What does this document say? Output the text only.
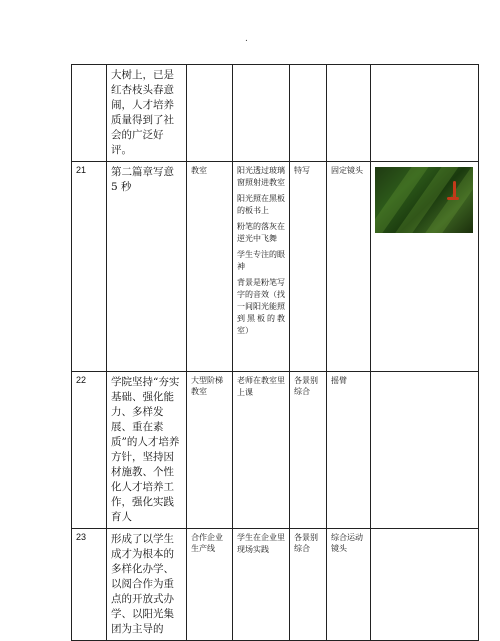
.
	大树上，已是红杏枝头春意闹，人才培养质量得到了社会的广泛好评。					
21	第二篇章写意 5 秒	教室	阳光透过玻璃窗照射进教室

阳光照在黑板的板书上

粉笔的落灰在逆光中飞舞

学生专注的眼神

背景是粉笔写字的音效（找一间阳光能照到黑板的教室）	特写	固定镜头	

22	学院坚持“夯实基础、强化能力、多样发展、重在素质”的人才培养方针，坚持因材施教、个性化人才培养工作，强化实践育人	大型阶梯教室	老师在教室里上课	各景别综合	摇臂	
23	形成了以学生成才为根本的多样化办学、以阅合作为重点的开放式办学、以阳光集团为主导的	合作企业生产线	学生在企业里现场实践	各景别综合	综合运动镜头	
